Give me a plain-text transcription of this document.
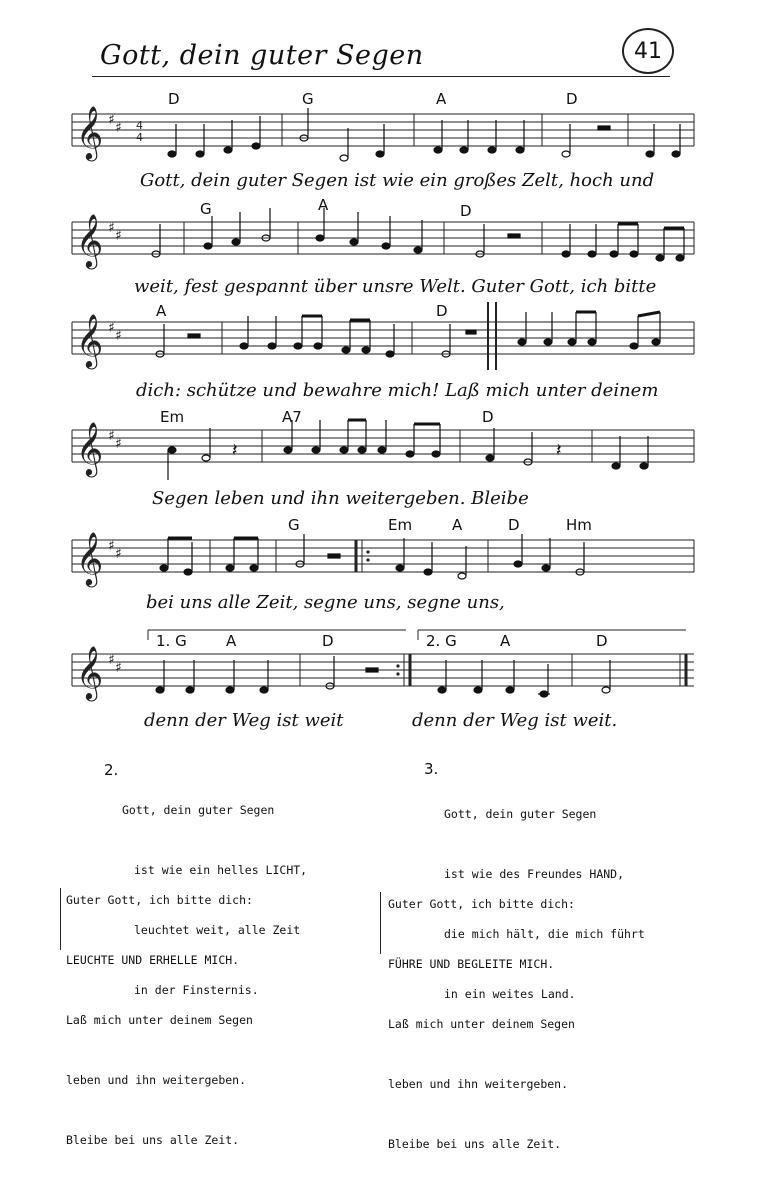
Gott, dein guter Segen	41
D	G	A	D
𝄞 ♯ ♯ 4
4
Gott, dein guter Segen ist wie ein großes Zelt, hoch und
G	A	D
𝄞 ♯ ♯
weit, fest gespannt über unsre Welt. Guter Gott, ich bitte
A	D
𝄞 ♯ ♯
dich: schütze und bewahre mich! Laß mich unter deinem
Em	A7	D
𝄞 ♯ ♯	𝄽	𝄽
Segen leben und ihn weitergeben. Bleibe
G	Em	A	D	Hm
𝄞 ♯ ♯
bei uns alle Zeit, segne uns, segne uns,
1. G	A	D	2. G	A	D
𝄞 ♯ ♯
denn der Weg ist weit	denn der Weg ist weit.
2.

Gott, dein guter Segen

ist wie ein helles LICHT,

leuchtet weit, alle Zeit

in der Finsternis.

Guter Gott, ich bitte dich:

LEUCHTE UND ERHELLE MICH.

Laß mich unter deinem Segen

leben und ihn weitergeben.

Bleibe bei uns alle Zeit.

3.

Gott, dein guter Segen

ist wie des Freundes HAND,

die mich hält, die mich führt

in ein weites Land.

Guter Gott, ich bitte dich:

FÜHRE UND BEGLEITE MICH.

Laß mich unter deinem Segen

leben und ihn weitergeben.

Bleibe bei uns alle Zeit.
